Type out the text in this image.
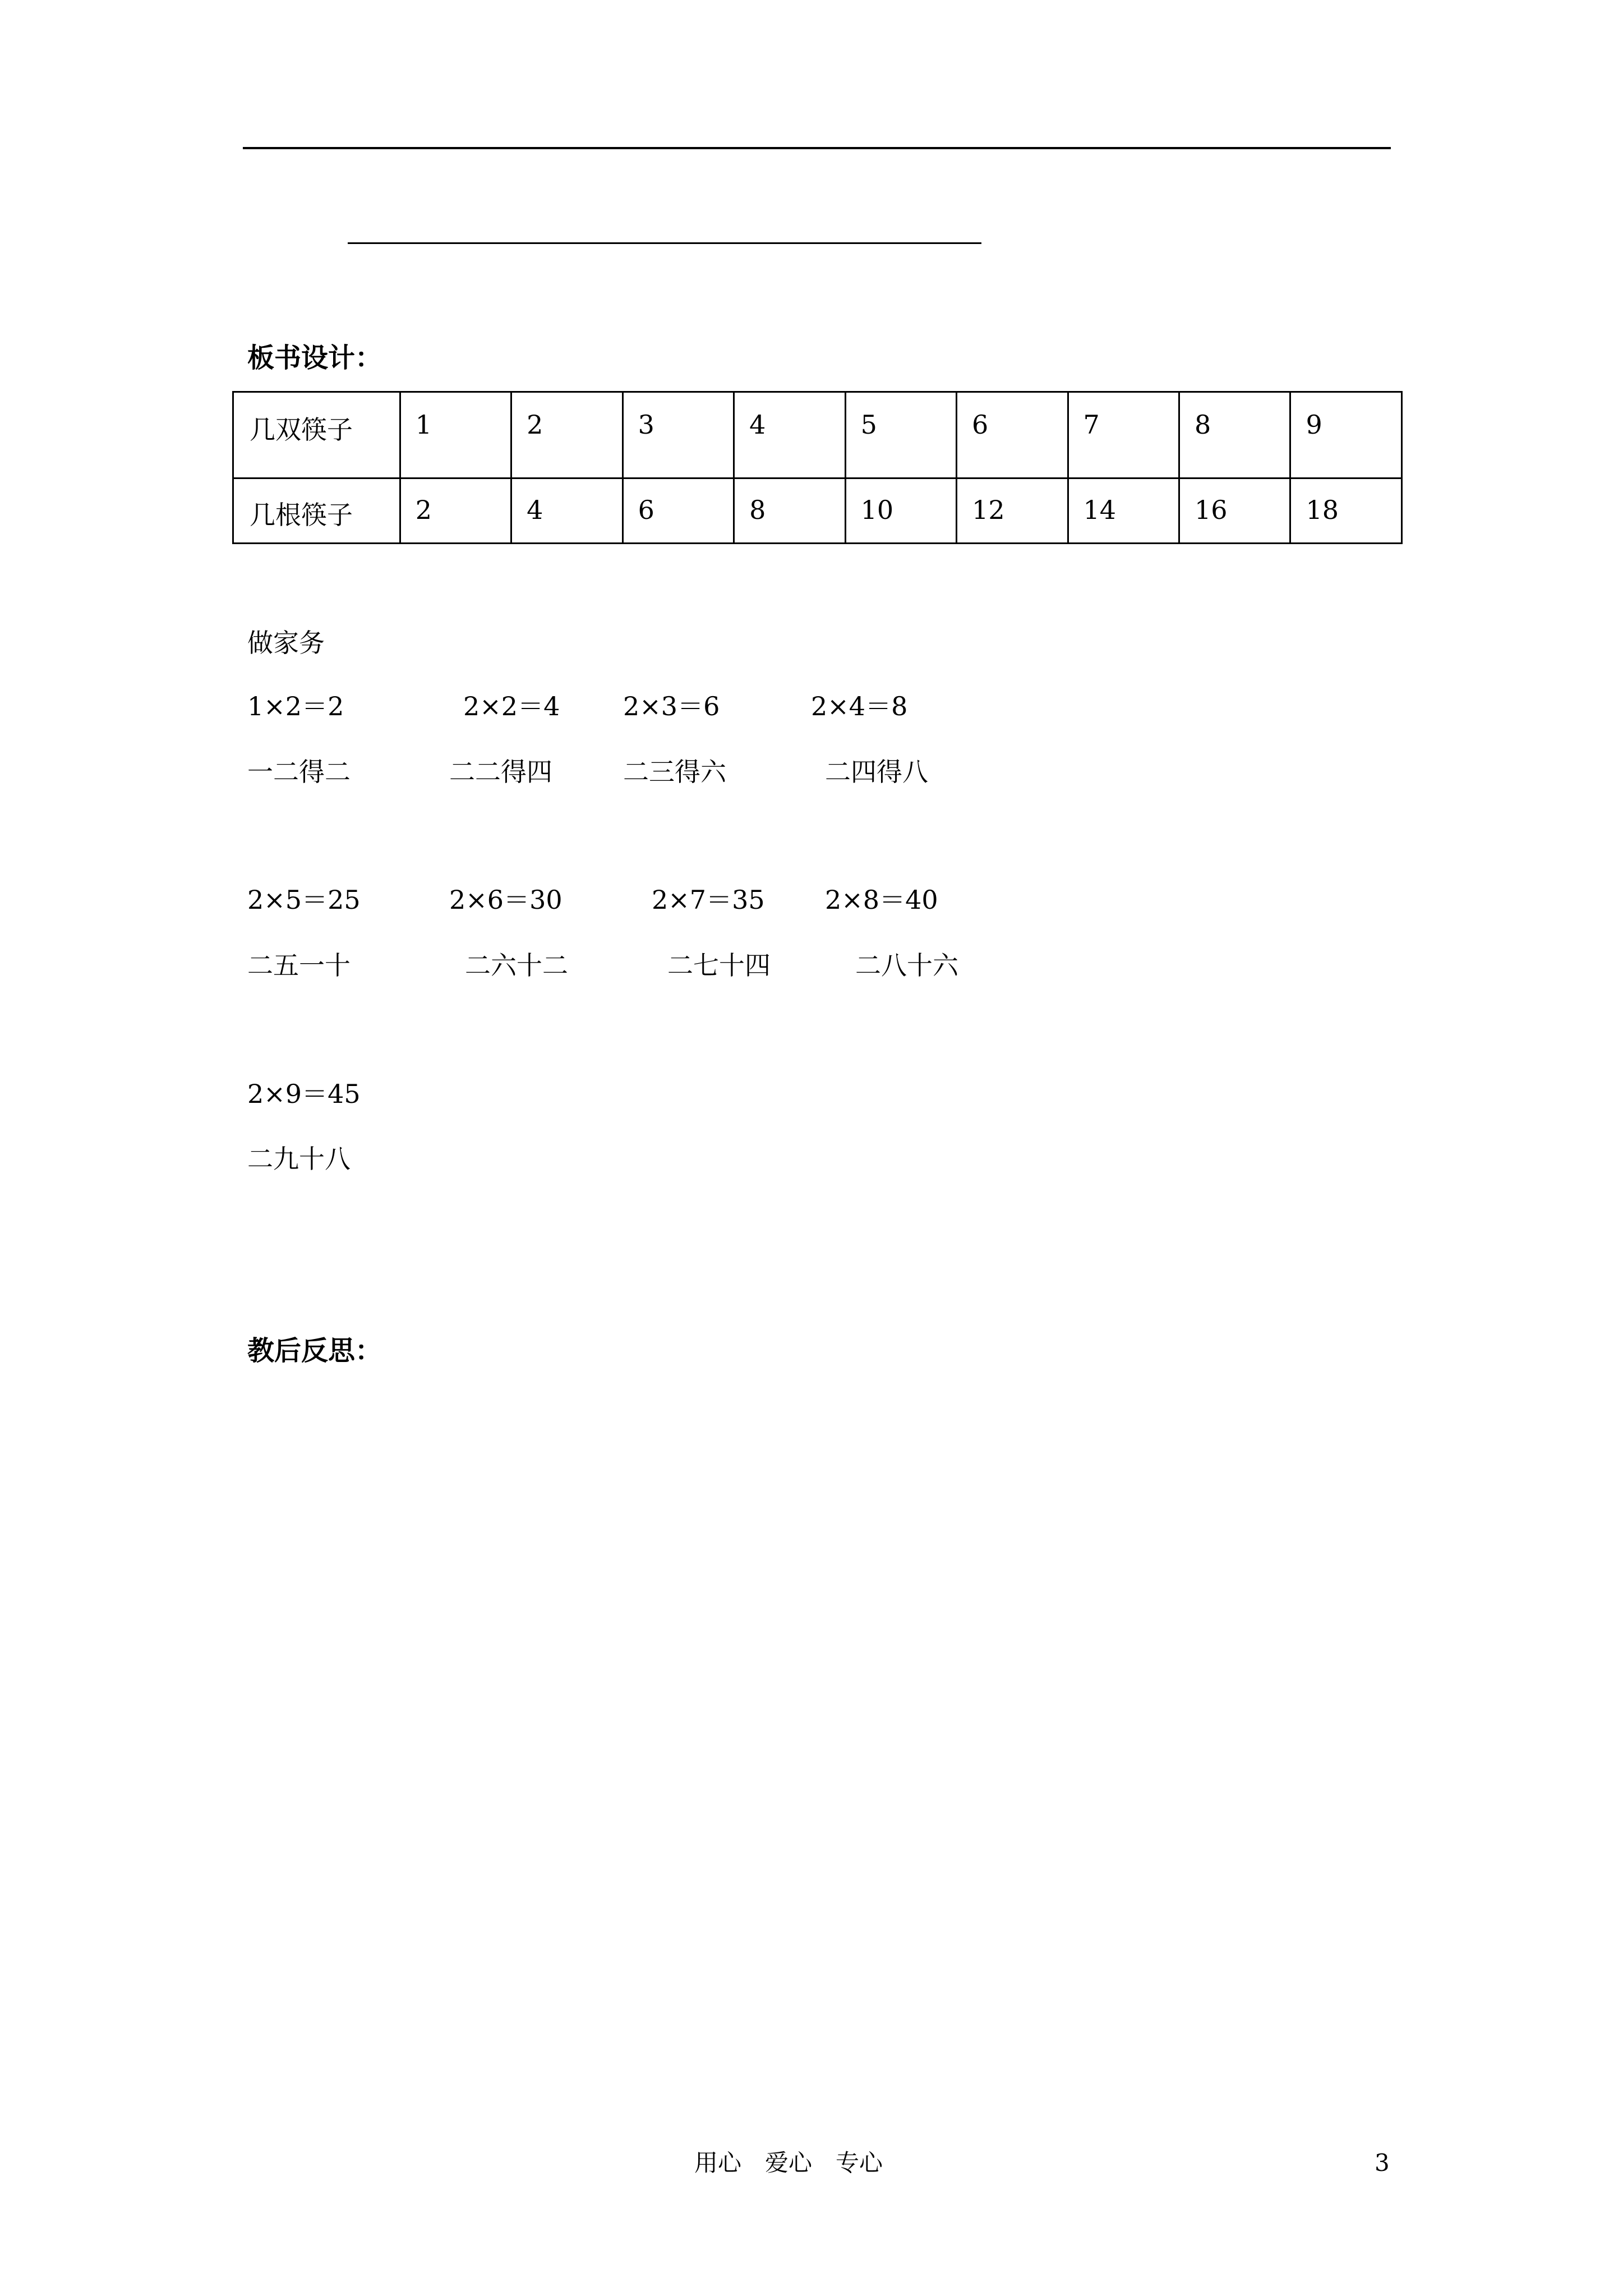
板书设计：
几双筷子	1	2	3	4	5	6	7	8	9
几根筷子	2	4	6	8	10	12	14	16	18
做家务
1×2＝2	2×2＝4 2×3＝6	2×4＝8
一二得二	二二得四	二三得六	二四得八
2×5＝25	2×6＝30	2×7＝35 2×8＝40
二五一十	二六十二	二七十四	二八十六
2×9＝45
二九十八
教后反思：
用心　爱心　专心	3
